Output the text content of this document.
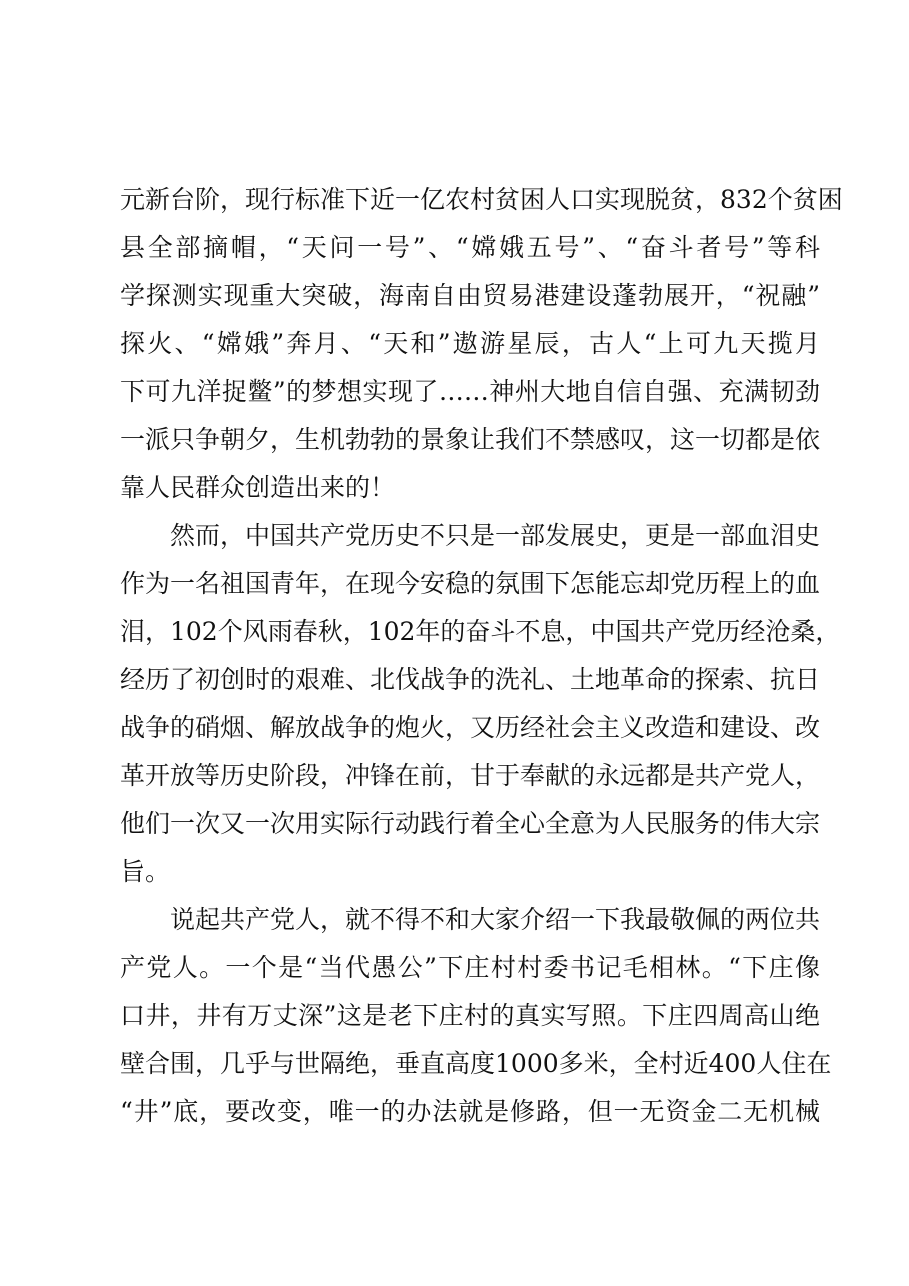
元新台阶，现行标准下近一亿农村贫困人口实现脱贫，832个贫困
县全部摘帽，“天问一号”、“嫦娥五号”、“奋斗者号”等科
学探测实现重大突破，海南自由贸易港建设蓬勃展开，“祝融”
探火、“嫦娥”奔月、“天和”遨游星辰，古人“上可九天揽月
下可九洋捉鳖”的梦想实现了……神州大地自信自强、充满韧劲
一派只争朝夕，生机勃勃的景象让我们不禁感叹，这一切都是依
靠人民群众创造出来的！
　　然而，中国共产党历史不只是一部发展史，更是一部血泪史
作为一名祖国青年，在现今安稳的氛围下怎能忘却党历程上的血
泪，102个风雨春秋，102年的奋斗不息，中国共产党历经沧桑，
经历了初创时的艰难、北伐战争的洗礼、土地革命的探索、抗日
战争的硝烟、解放战争的炮火，又历经社会主义改造和建设、改
革开放等历史阶段，冲锋在前，甘于奉献的永远都是共产党人，
他们一次又一次用实际行动践行着全心全意为人民服务的伟大宗
旨。
　　说起共产党人，就不得不和大家介绍一下我最敬佩的两位共
产党人。一个是“当代愚公”下庄村村委书记毛相林。“下庄像
口井，井有万丈深”这是老下庄村的真实写照。下庄四周高山绝
壁合围，几乎与世隔绝，垂直高度1000多米，全村近400人住在
“井”底，要改变，唯一的办法就是修路，但一无资金二无机械
